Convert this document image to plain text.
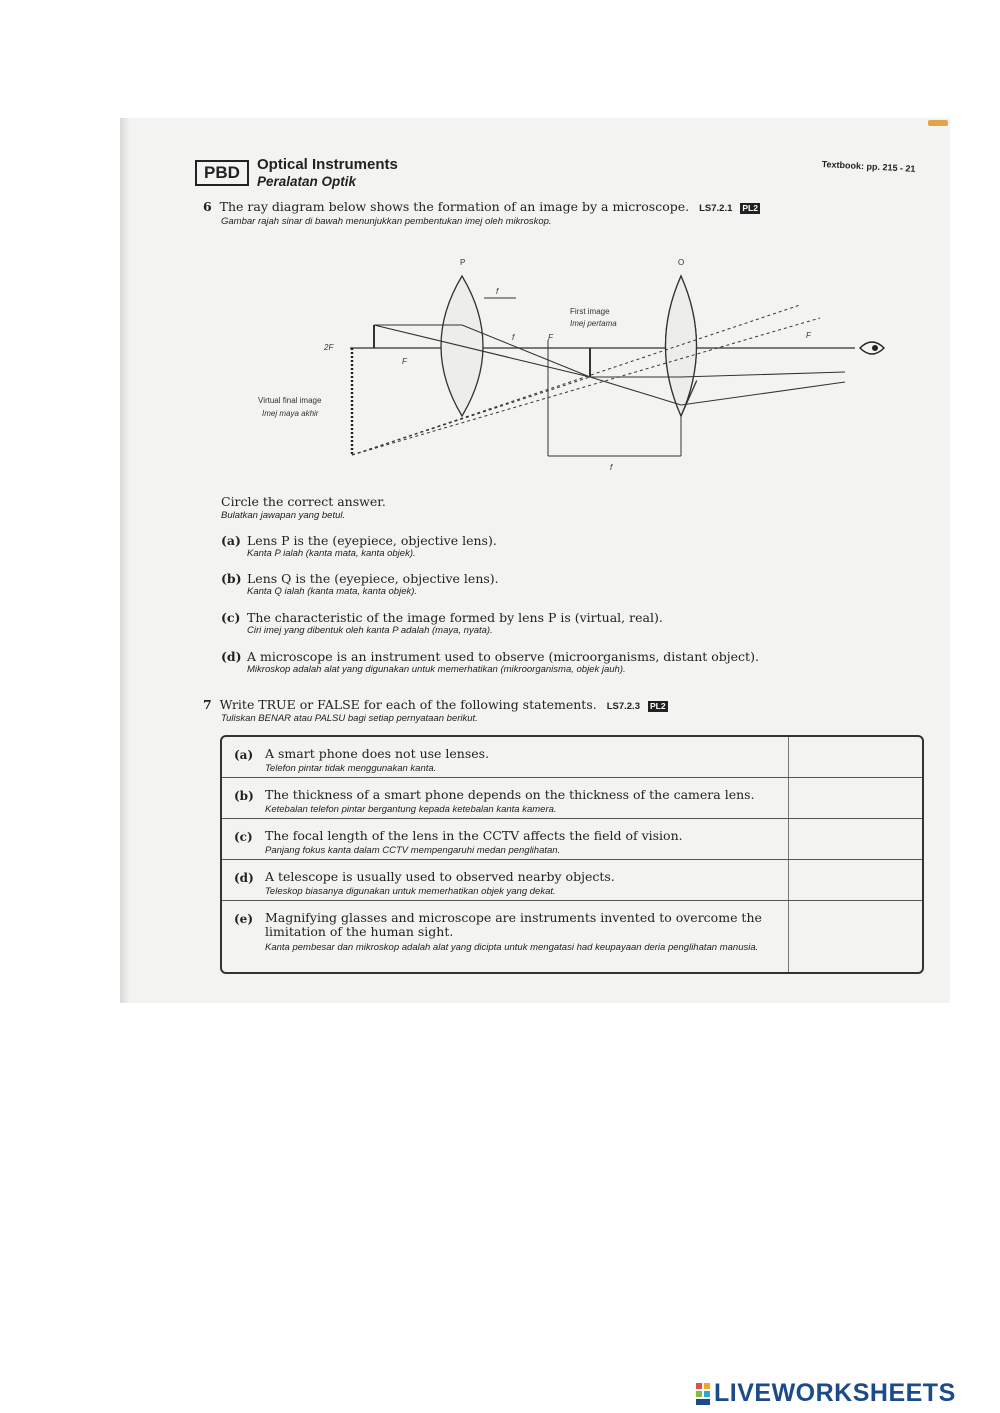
PBD	Optical Instruments
Peralatan Optik
Textbook: pp. 215 - 21
6 The ray diagram below shows the formation of an image by a microscope. LS7.2.1 PL2
Gambar rajah sinar di bawah menunjukkan pembentukan imej oleh mikroskop.
P	O
First image
Imej pertama
Virtual final image
Imej maya akhir
2F
F
F
f
f
f
F
Circle the correct answer.
Bulatkan jawapan yang betul.
(a) Lens P is the (eyepiece, objective lens).
Kanta P ialah (kanta mata, kanta objek).
(b) Lens Q is the (eyepiece, objective lens).
Kanta Q ialah (kanta mata, kanta objek).
(c) The characteristic of the image formed by lens P is (virtual, real).
Ciri imej yang dibentuk oleh kanta P adalah (maya, nyata).
(d) A microscope is an instrument used to observe (microorganisms, distant object).
Mikroskop adalah alat yang digunakan untuk memerhatikan (mikroorganisma, objek jauh).
7 Write TRUE or FALSE for each of the following statements. LS7.2.3 PL2
Tuliskan BENAR atau PALSU bagi setiap pernyataan berikut.
(a) A smart phone does not use lenses.
Telefon pintar tidak menggunakan kanta.
(b) The thickness of a smart phone depends on the thickness of the camera lens.
Ketebalan telefon pintar bergantung kepada ketebalan kanta kamera.
(c) The focal length of the lens in the CCTV affects the field of vision.
Panjang fokus kanta dalam CCTV mempengaruhi medan penglihatan.
(d) A telescope is usually used to observed nearby objects.
Teleskop biasanya digunakan untuk memerhatikan objek yang dekat.
(e) Magnifying glasses and microscope are instruments invented to overcome the limitation of the human sight.
Kanta pembesar dan mikroskop adalah alat yang dicipta untuk mengatasi had keupayaan deria penglihatan manusia.
LIVEWORKSHEETS
